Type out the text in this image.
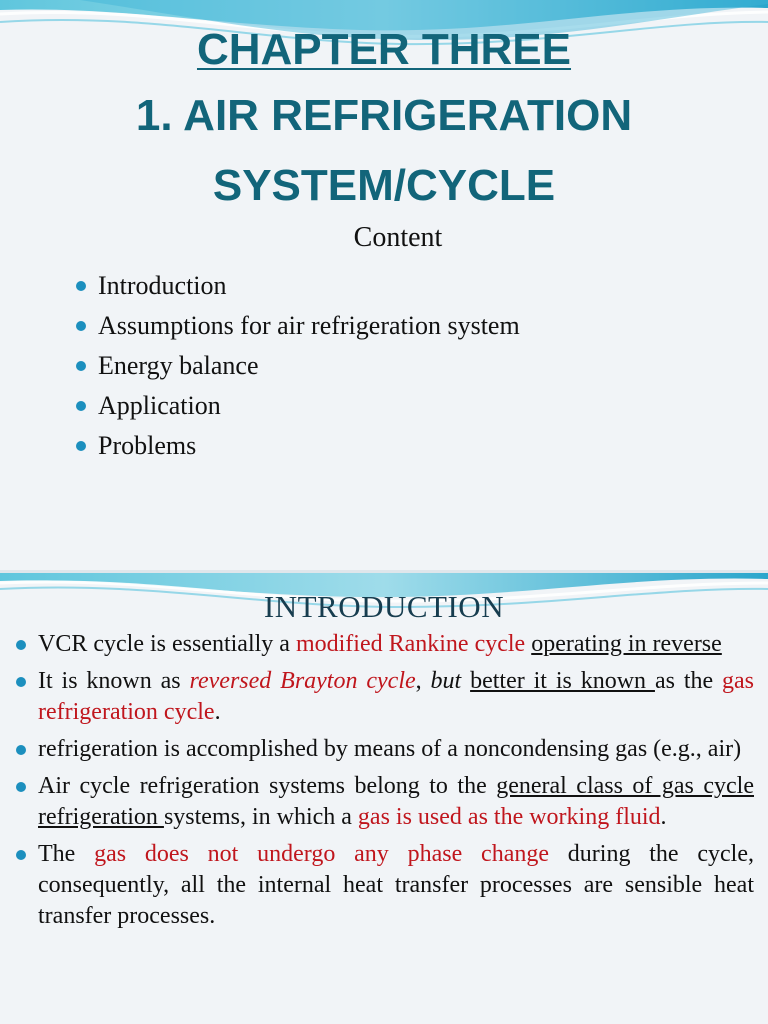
CHAPTER THREE
1. AIR REFRIGERATION
SYSTEM/CYCLE
Content
Introduction
Assumptions for air refrigeration system
Energy balance
Application
Problems
INTRODUCTION
VCR cycle is essentially a modified Rankine cycle operating in reverse
It is known as reversed Brayton cycle, but better it is known as the gas refrigeration cycle.
refrigeration is accomplished by means of a noncondensing gas (e.g., air)
Air cycle refrigeration systems belong to the general class of gas cycle refrigeration systems, in which a gas is used as the working fluid.
The gas does not undergo any phase change during the cycle, consequently, all the internal heat transfer processes are sensible heat transfer processes.
